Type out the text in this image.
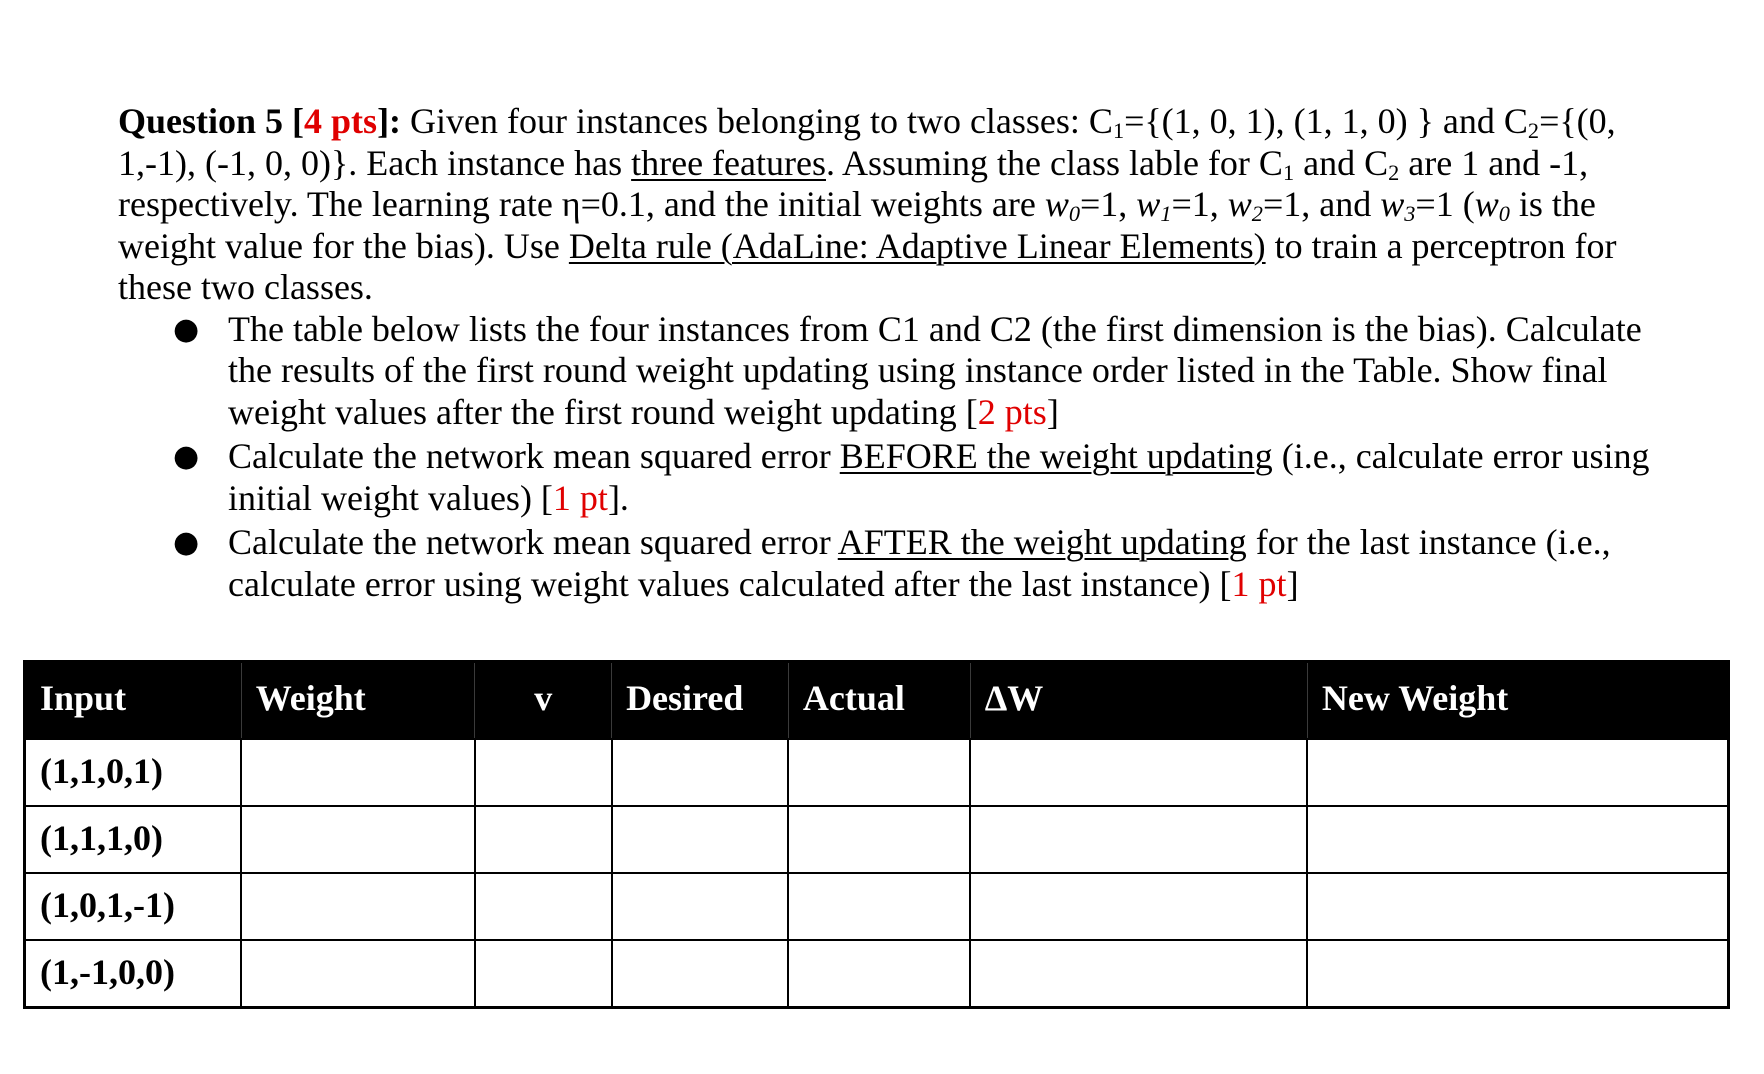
Question 5 [4 pts]: Given four instances belonging to two classes: $C_1=\{(1$, 0, 1), (1, 1, 0) } and $C_2=\{(0$, 1,-1), (-1, 0, 0)}. Each instance has three features. Assuming the class lable for $C_1$ and $C_2$ are 1 and -1, respectively. The learning rate η=0.1, and the initial weights are $w_0=1$, $w_1=1$, $w_2=1$, and $w_3=1$ ($w_0$ is the weight value for the bias). Use Delta rule (AdaLine: Adaptive Linear Elements) to train a perceptron for these two classes.

● The table below lists the four instances from C1 and C2 (the first dimension is the bias). Calculate the results of the first round weight updating using instance order listed in the Table. Show final weight values after the first round weight updating [2 pts]
● Calculate the network mean squared error BEFORE the weight updating (i.e., calculate error using initial weight values) [1 pt].
● Calculate the network mean squared error AFTER the weight updating for the last instance (i.e., calculate error using weight values calculated after the last instance) [1 pt]
Input	Weight	v	Desired	Actual	ΔW	New Weight
(1,1,0,1)						
(1,1,1,0)						
(1,0,1,-1)						
(1,-1,0,0)						
